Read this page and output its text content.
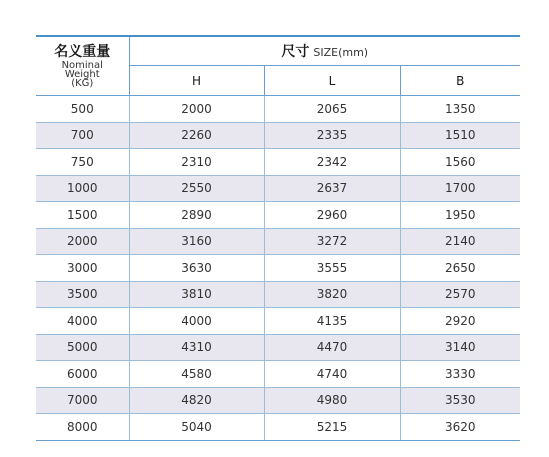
名义重量
Nominal
Weight
(KG)	尺寸 SIZE(mm)		
	H	L	B
500	2000	2065	1350
700	2260	2335	1510
750	2310	2342	1560
1000	2550	2637	1700
1500	2890	2960	1950
2000	3160	3272	2140
3000	3630	3555	2650
3500	3810	3820	2570
4000	4000	4135	2920
5000	4310	4470	3140
6000	4580	4740	3330
7000	4820	4980	3530
8000	5040	5215	3620
